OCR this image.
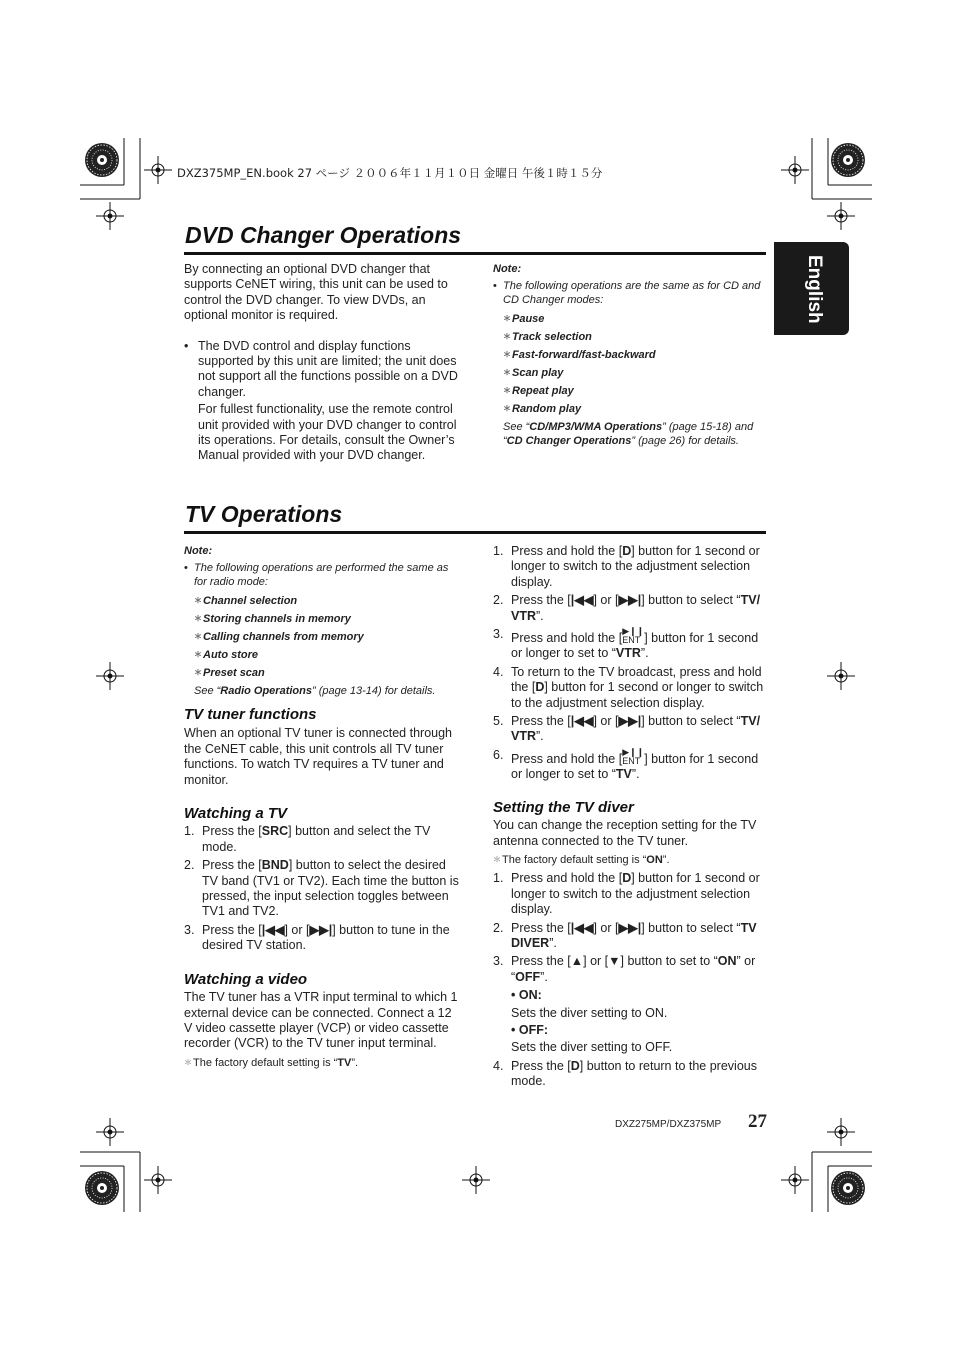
DXZ375MP_EN.book 27 ページ ２００６年１１月１０日 金曜日 午後１時１５分
English
DVD Changer Operations

By connecting an optional DVD changer that supports CeNET wiring, this unit can be used to control the DVD changer. To view DVDs, an optional monitor is required.

• The DVD control and display functions supported by this unit are limited; the unit does not support all the functions possible on a DVD changer.

For fullest functionality, use the remote control unit provided with your DVD changer to control its operations. For details, consult the Owner’s Manual provided with your DVD changer.

Note:
• The following operations are the same as for CD and CD Changer modes:
＊Pause
＊Track selection
＊Fast-forward/fast-backward
＊Scan play
＊Repeat play
＊Random play
See “CD/MP3/WMA Operations” (page 15-18) and “CD Changer Operations” (page 26) for details.
TV Operations
Note:
• The following operations are performed the same as for radio mode:
＊Channel selection
＊Storing channels in memory
＊Calling channels from memory
＊Auto store
＊Preset scan
See “Radio Operations” (page 13-14) for details.
TV tuner functions

When an optional TV tuner is connected through the CeNET cable, this unit controls all TV tuner functions. To watch TV requires a TV tuner and monitor.

Watching a TV
1. Press the [SRC] button and select the TV mode.
2. Press the [BND] button to select the desired TV band (TV1 or TV2). Each time the button is pressed, the input selection toggles between TV1 and TV2.
3. Press the [|◀◀] or [▶▶|] button to tune in the desired TV station.
Watching a video

The TV tuner has a VTR input terminal to which 1 external device can be connected. Connect a 12 V video cassette player (VCP) or video cassette recorder (VCR) to the TV tuner input terminal.

＊The factory default setting is “TV”.

1. Press and hold the [D] button for 1 second or longer to switch to the adjustment selection display.
2. Press the [|◀◀] or [▶▶|] button to select “TV/ VTR”.
3. Press and hold the [▶❙❙
ENT ] button for 1 second or longer to set to “VTR”.
4. To return to the TV broadcast, press and hold the [D] button for 1 second or longer to switch to the adjustment selection display.
5. Press the [|◀◀] or [▶▶|] button to select “TV/ VTR”.
6. Press and hold the [▶❙❙
ENT ] button for 1 second or longer to set to “TV”.
Setting the TV diver

You can change the reception setting for the TV antenna connected to the TV tuner.

＊The factory default setting is “ON”.

1. Press and hold the [D] button for 1 second or longer to switch to the adjustment selection display.
2. Press the [|◀◀] or [▶▶|] button to select “TV DIVER”.
3. Press the [▲] or [▼] button to set to “ON” or “OFF”.
• ON:
Sets the diver setting to ON.
• OFF:
Sets the diver setting to OFF.
4. Press the [D] button to return to the previous mode.
DXZ275MP/DXZ375MP 27
